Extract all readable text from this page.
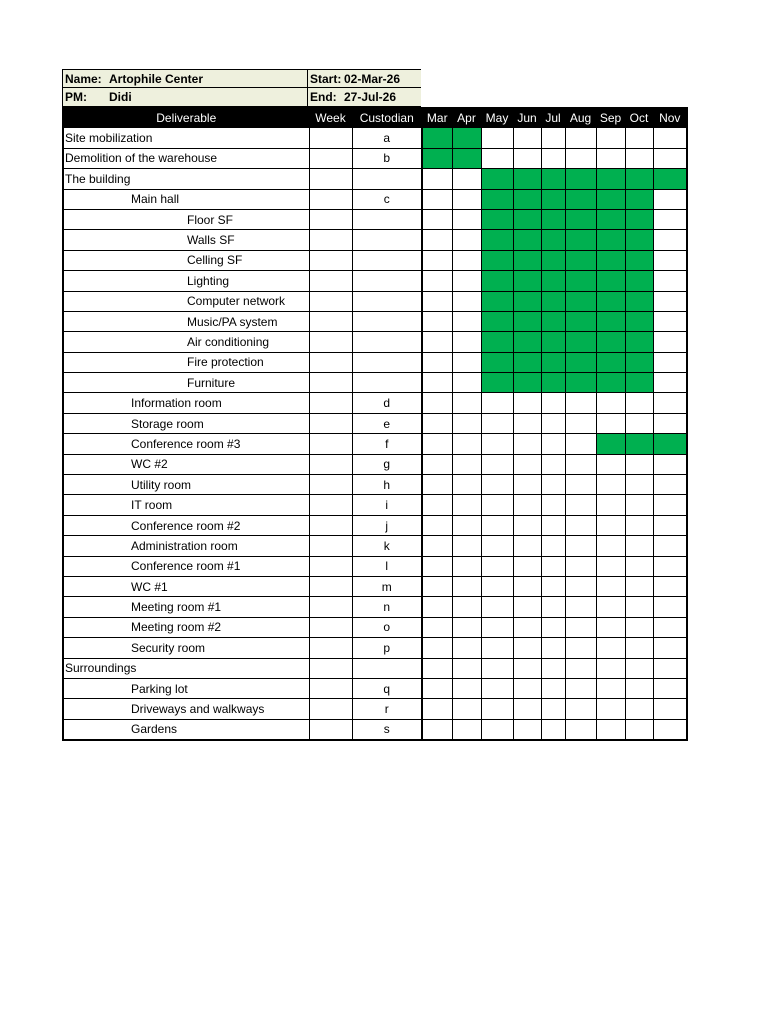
Name: Artophile Center	Start: 02-Mar-26
PM: Didi	End: 27-Jul-26
Deliverable	Week	Custodian	Mar	Apr	May	Jun	Jul	Aug	Sep	Oct	Nov
Site mobilization		a									
Demolition of the warehouse		b									
The building											
Main hall		c									
Floor SF											
Walls SF											
Celling SF											
Lighting											
Computer network											
Music/PA system											
Air conditioning											
Fire protection											
Furniture											
Information room		d									
Storage room		e									
Conference room #3		f									
WC #2		g									
Utility room		h									
IT room		i									
Conference room #2		j									
Administration room		k									
Conference room #1		l									
WC #1		m									
Meeting room #1		n									
Meeting room #2		o									
Security room		p									
Surroundings											
Parking lot		q									
Driveways and walkways		r									
Gardens		s									
